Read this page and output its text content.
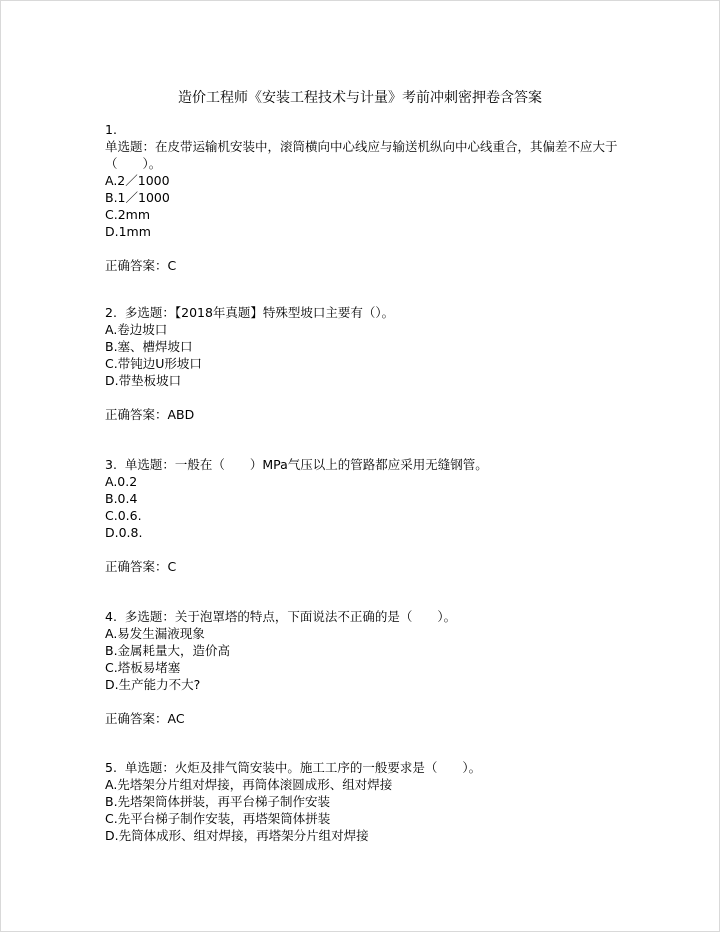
造价工程师《安装工程技术与计量》考前冲刺密押卷含答案
1.
单选题：在皮带运输机安装中，滚筒横向中心线应与输送机纵向中心线重合，其偏差不应大于（　　）。
A.2／1000
B.1／1000
C.2mm
D.1mm
正确答案：C
2.  多选题：【2018年真题】特殊型坡口主要有（）。
A.卷边坡口
B.塞、槽焊坡口
C.带钝边U形坡口
D.带垫板坡口
正确答案：ABD
3.  单选题：一般在（　　）MPa气压以上的管路都应采用无缝钢管。
A.0.2
B.0.4
C.0.6.
D.0.8.
正确答案：C
4.  多选题：关于泡罩塔的特点，下面说法不正确的是（　　）。
A.易发生漏液现象
B.金属耗量大，造价高
C.塔板易堵塞
D.生产能力不大?
正确答案：AC
5.  单选题：火炬及排气筒安装中。施工工序的一般要求是（　　）。
A.先塔架分片组对焊接，再筒体滚圆成形、组对焊接
B.先塔架筒体拼装，再平台梯子制作安装
C.先平台梯子制作安装，再塔架筒体拼装
D.先筒体成形、组对焊接，再塔架分片组对焊接
